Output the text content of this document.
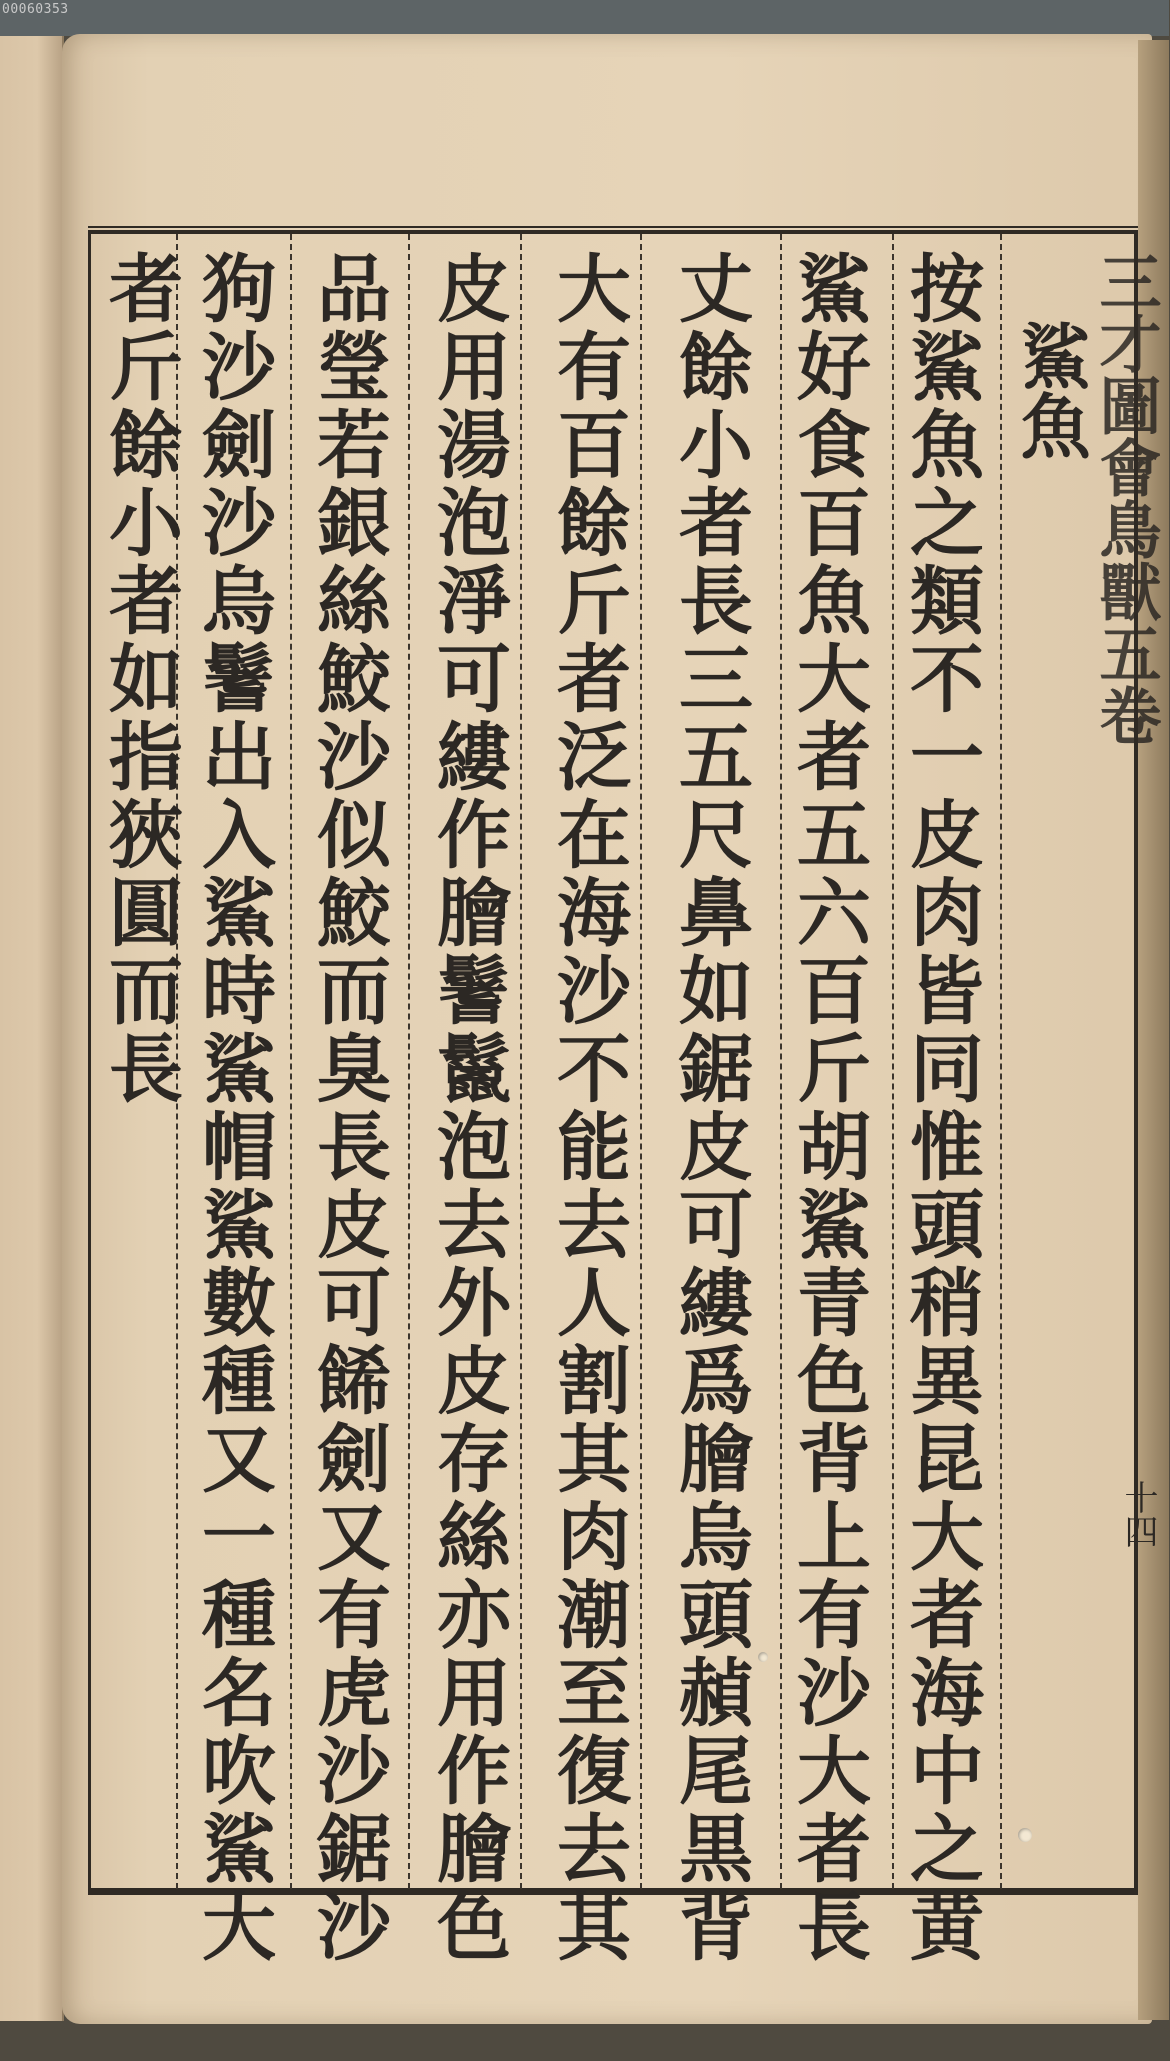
00060353
十四
鯊魚
按鯊魚之類不一皮肉皆同惟頭稍異昆大者海中之黄
鯊好食百魚大者五六百斤胡鯊青色背上有沙大者長
丈餘小者長三五尺鼻如鋸皮可縷爲膾烏頭赬尾黒背
大有百餘斤者泛在海沙不能去人割其肉潮至復去其
皮用湯泡淨可縷作膾鬐鬣泡去外皮存絲亦用作膾色
品瑩若銀絲鮫沙似鮫而臭長皮可餙劍又有虎沙鋸沙
狗沙劍沙烏鬐出入鯊時鯊帽鯊數種又一種名吹鯊大
者斤餘小者如指狹圓而長
